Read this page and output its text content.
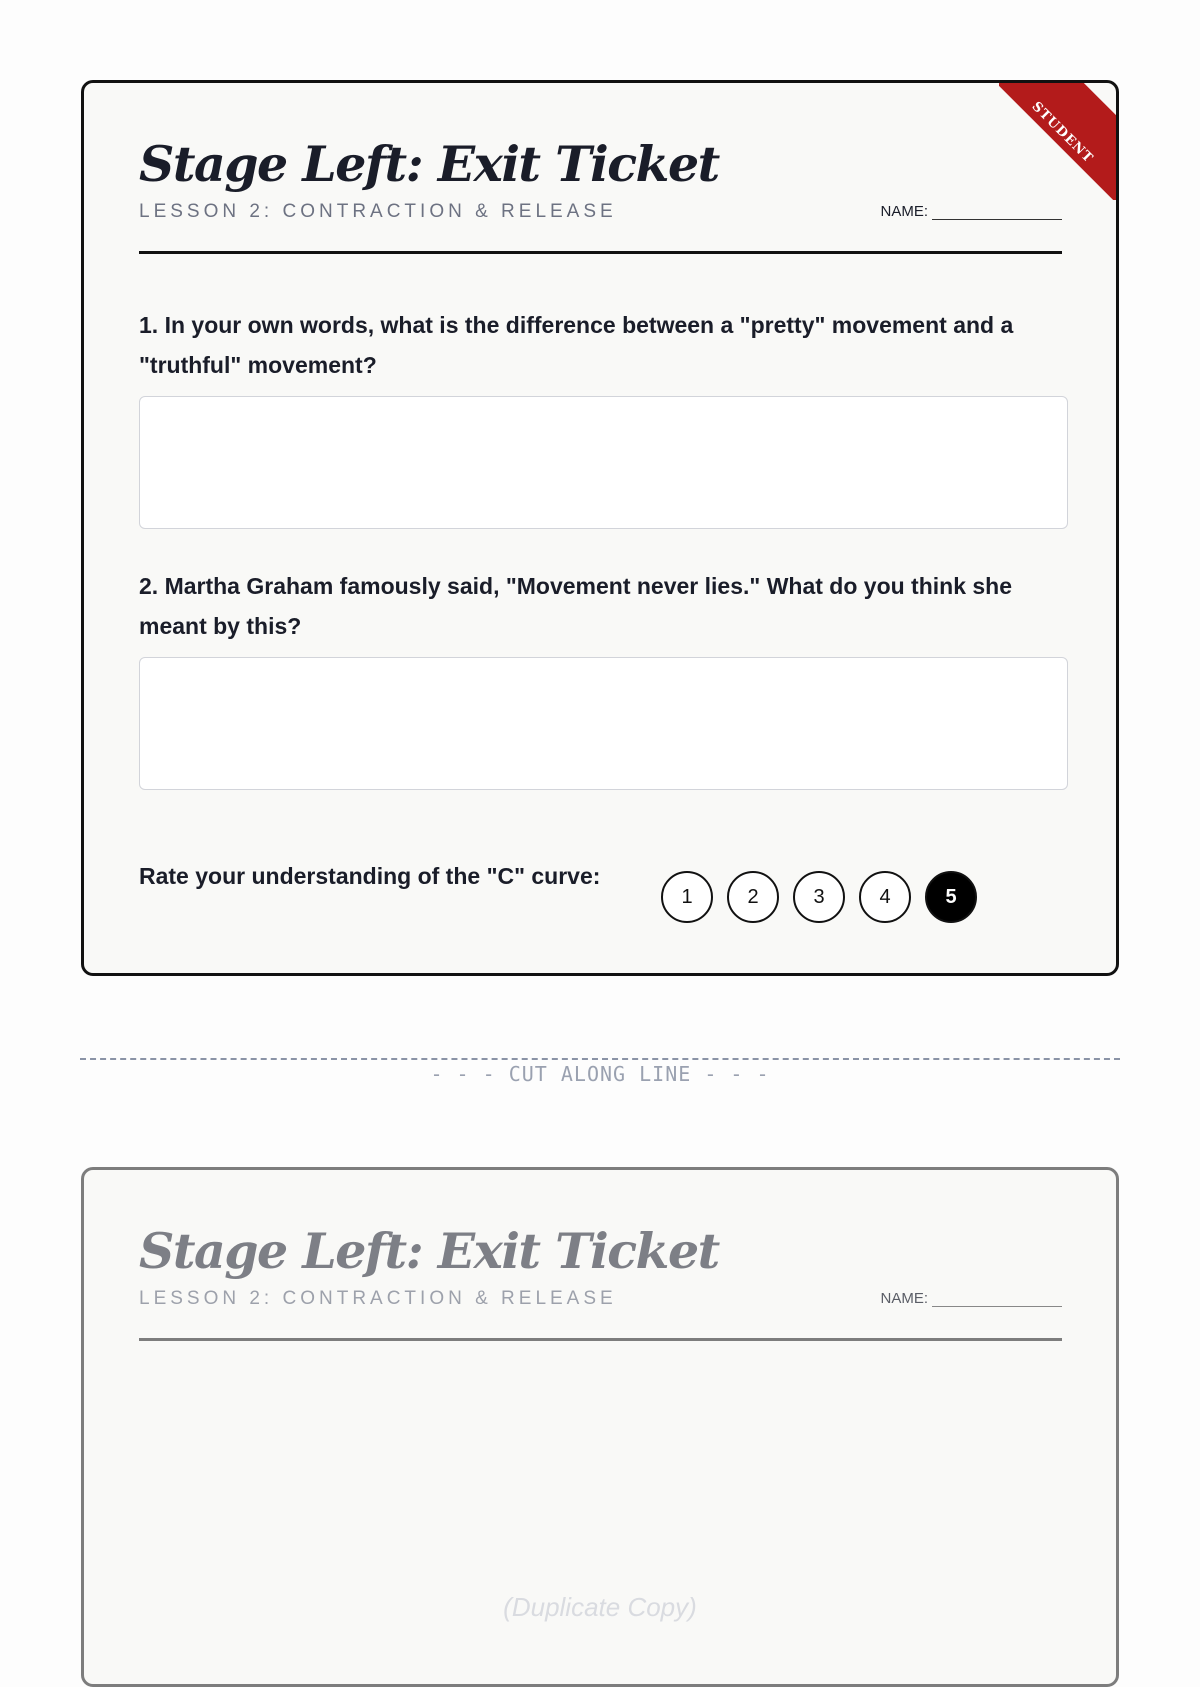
STUDENT
Stage Left: Exit Ticket
LESSON 2: CONTRACTION & RELEASE	NAME:
1. In your own words, what is the difference between a "pretty" movement and a "truthful" movement?
2. Martha Graham famously said, "Movement never lies." What do you think she meant by this?
Rate your understanding of the "C" curve:
1	2	3	4	5
- - - CUT ALONG LINE - - -
Stage Left: Exit Ticket
LESSON 2: CONTRACTION & RELEASE	NAME:
(Duplicate Copy)
